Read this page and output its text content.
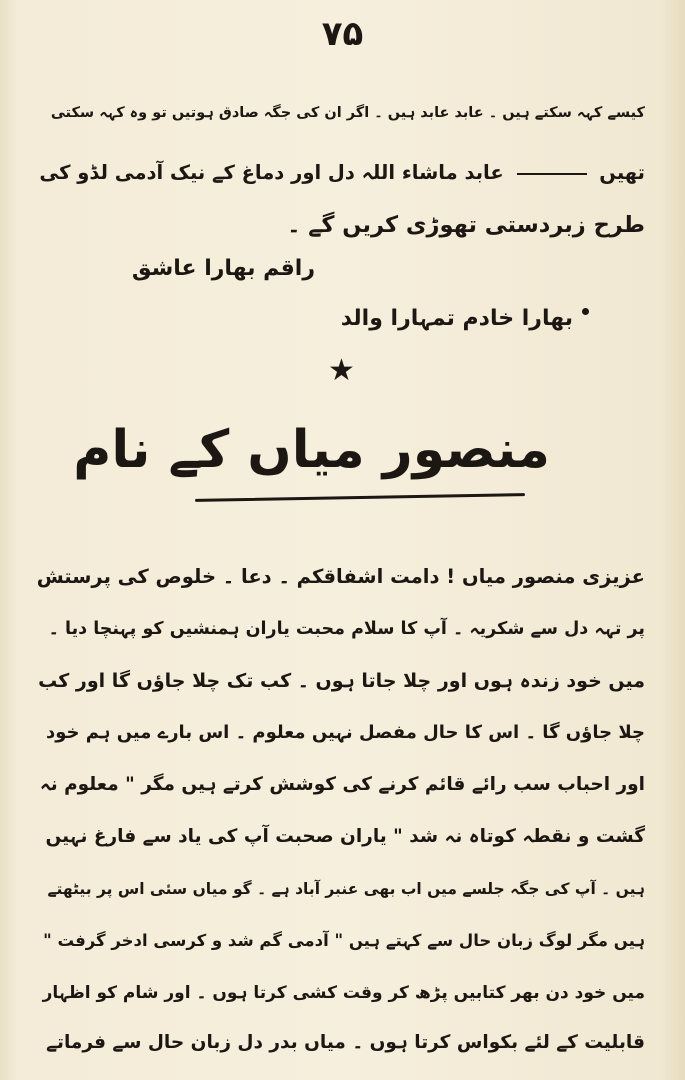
۷۵
کیسے کہہ سکتے ہیں ۔ عابد عابد ہیں ۔ اگر ان کی جگہ صادق ہوتیں تو وہ کہہ سکتی
تھیں  عابد ماشاء اللہ دل اور دماغ کے نیک آدمی لڈو کی
طرح زبردستی تھوڑی کریں گے ۔
راقم بھارا عاشق
بھارا خادم تمہارا والد
★
منصور میاں کے نام
عزیزی منصور میاں ! دامت اشفاقکم ۔ دعا ۔ خلوص کی پرستش
پر تہہ دل سے شکریہ ۔ آپ کا سلام محبت یاران ہمنشیں کو پہنچا دیا ۔
میں خود زندہ ہوں اور چلا جاتا ہوں ۔ کب تک چلا جاؤں گا اور کب
چلا جاؤں گا ۔ اس کا حال مفصل نہیں معلوم ۔ اس بارے میں ہم خود
اور احباب سب رائے قائم کرنے کی کوشش کرتے ہیں مگر " معلوم نہ
گشت و نقطہ کوتاہ نہ شد " یاران صحبت آپ کی یاد سے فارغ نہیں
ہیں ۔ آپ کی جگہ جلسے میں اب بھی عنبر آباد ہے ۔ گو میاں سئی اس پر بیٹھتے
ہیں مگر لوگ زبان حال سے کہتے ہیں " آدمی گم شد و کرسی ادخر گرفت "
میں خود دن بھر کتابیں پڑھ کر وقت کشی کرتا ہوں ۔ اور شام کو اظہار
قابلیت کے لئے بکواس کرتا ہوں ۔ میاں بدر دل زبان حال سے فرماتے
